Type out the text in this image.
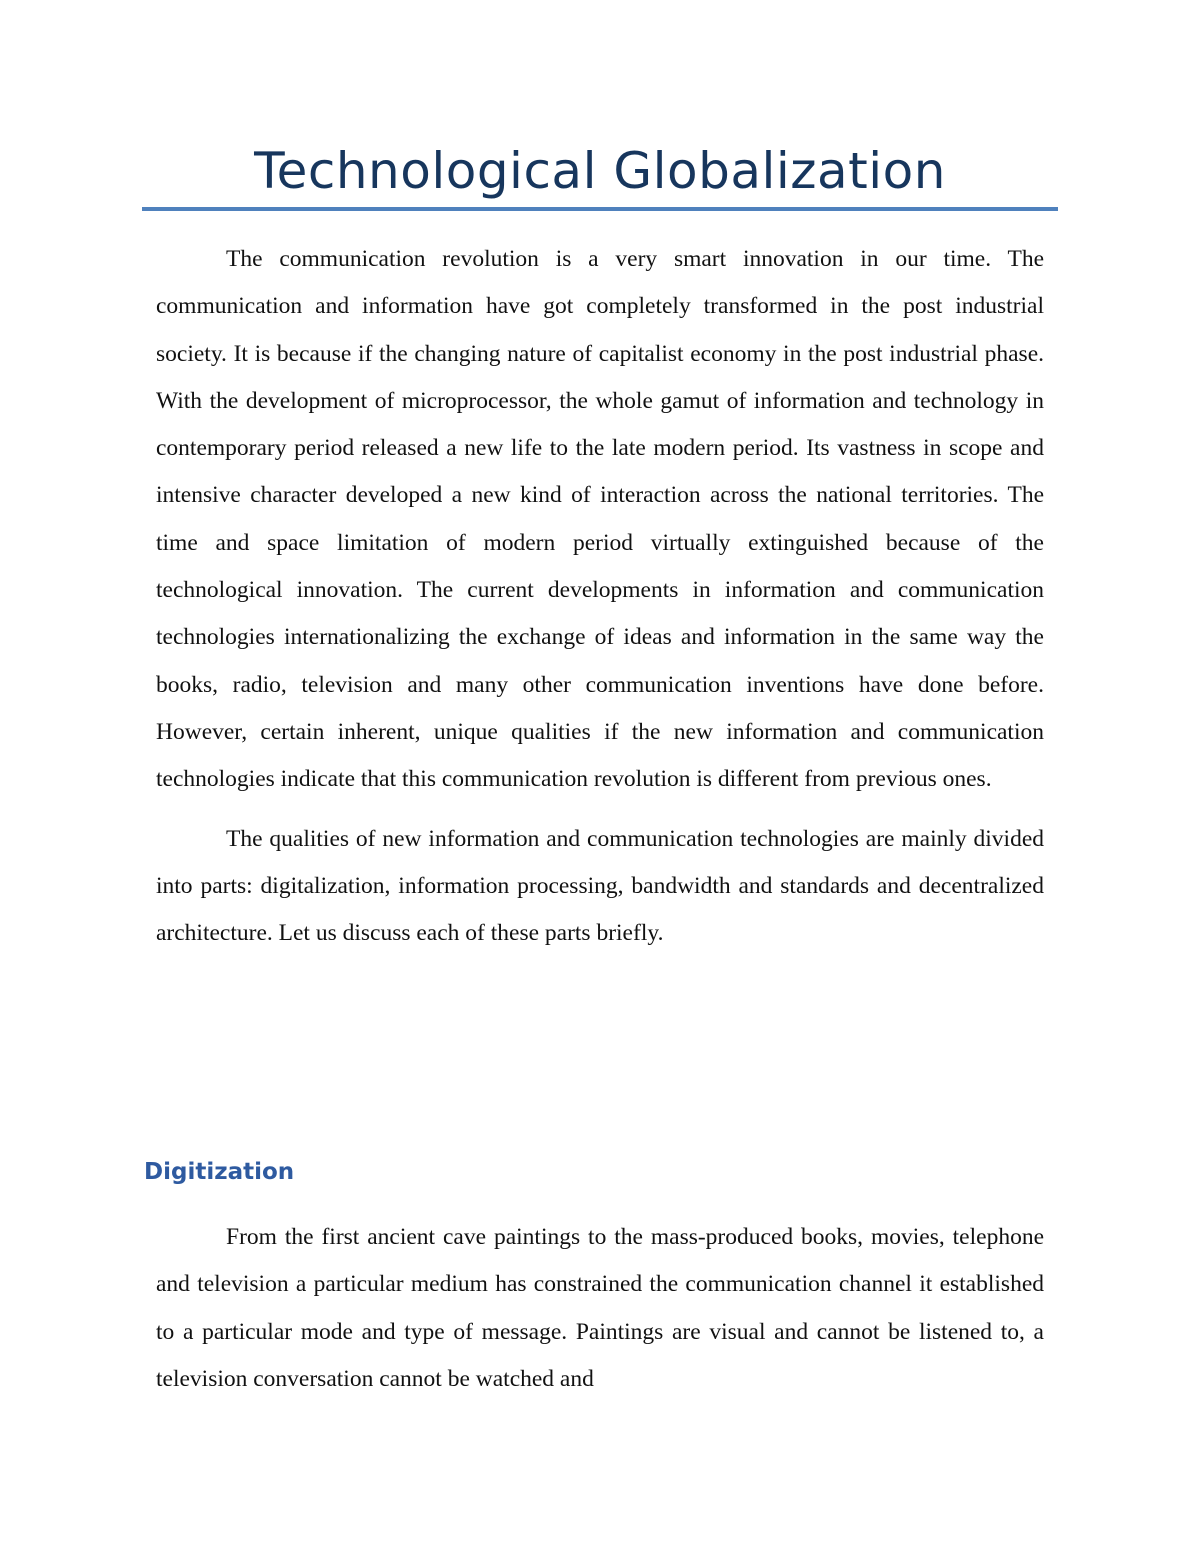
Technological Globalization

The communication revolution is a very smart innovation in our time. The communication and information have got completely transformed in the post industrial society. It is because if the changing nature of capitalist economy in the post industrial phase. With the development of microprocessor, the whole gamut of information and technology in contemporary period released a new life to the late modern period. Its vastness in scope and intensive character developed a new kind of interaction across the national territories. The time and space limitation of modern period virtually extinguished because of the technological innovation. The current developments in information and communication technologies internationalizing the exchange of ideas and information in the same way the books, radio, television and many other communication inventions have done before. However, certain inherent, unique qualities if the new information and communication technologies indicate that this communication revolution is different from previous ones.

The qualities of new information and communication technologies are mainly divided into parts: digitalization, information processing, bandwidth and standards and decentralized architecture. Let us discuss each of these parts briefly.

Digitization

From the first ancient cave paintings to the mass-produced books, movies, telephone and television a particular medium has constrained the communication channel it established to a particular mode and type of message. Paintings are visual and cannot be listened to, a television conversation cannot be watched and
